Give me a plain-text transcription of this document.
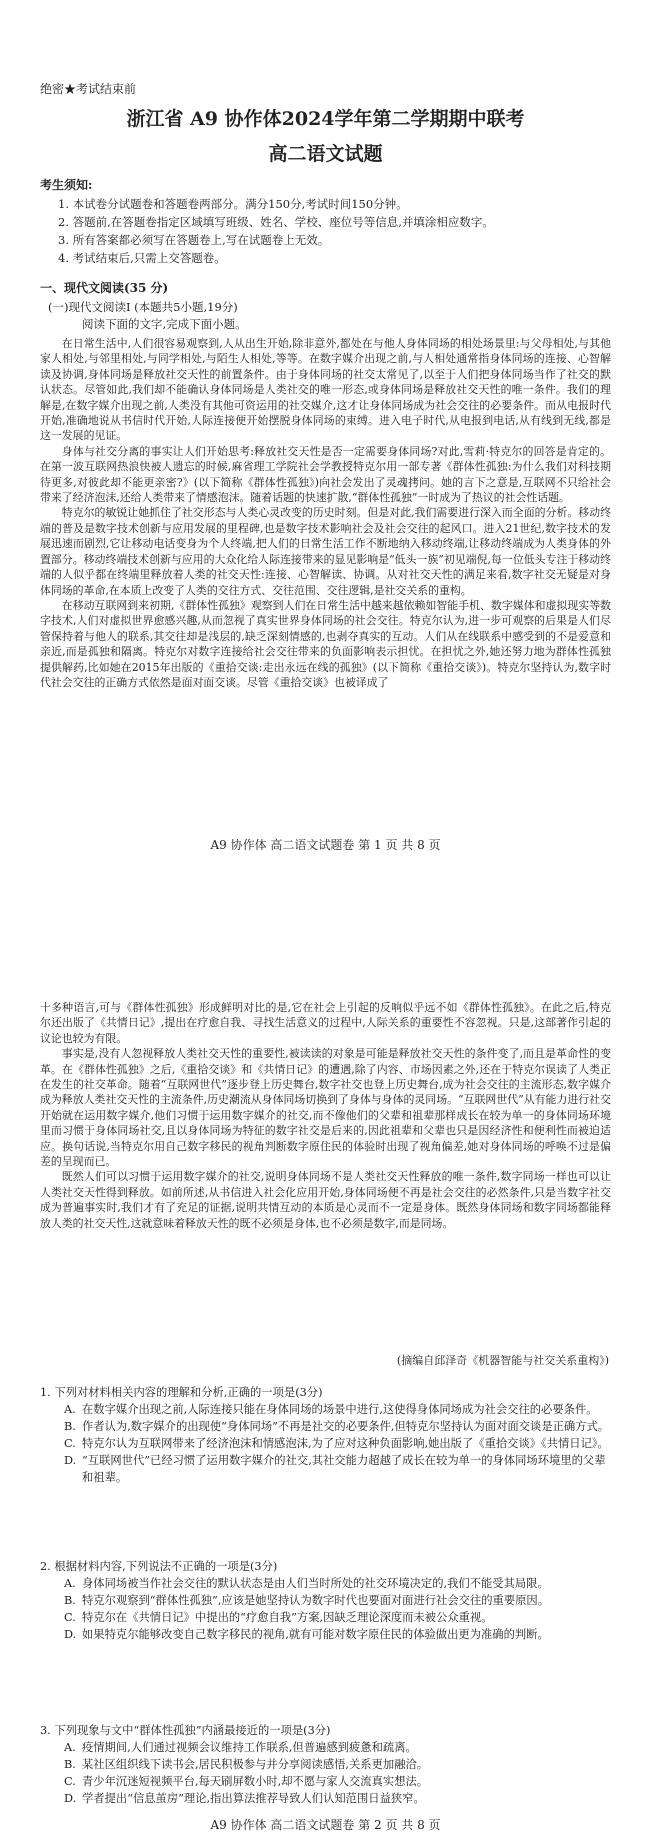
绝密★考试结束前
浙江省 A9 协作体2024学年第二学期期中联考
高二语文试题
考生须知:
1. 本试卷分试题卷和答题卷两部分。满分150分,考试时间150分钟。
2. 答题前,在答题卷指定区域填写班级、姓名、学校、座位号等信息,并填涂相应数字。
3. 所有答案都必须写在答题卷上,写在试题卷上无效。
4. 考试结束后,只需上交答题卷。
一、现代文阅读(35 分)
(一)现代文阅读Ⅰ (本题共5小题,19分)
阅读下面的文字,完成下面小题。

在日常生活中,人们很容易观察到,人从出生开始,除非意外,都处在与他人身体同场的相处场景里:与父母相处,与其他家人相处,与邻里相处,与同学相处,与陌生人相处,等等。在数字媒介出现之前,与人相处通常指身体同场的连接、心智解读及协调,身体同场是释放社交天性的前置条件。由于身体同场的社交太常见了,以至于人们把身体同场当作了社交的默认状态。尽管如此,我们却不能确认身体同场是人类社交的唯一形态,或身体同场是释放社交天性的唯一条件。我们的理解是,在数字媒介出现之前,人类没有其他可资运用的社交媒介,这才让身体同场成为社会交往的必要条件。而从电报时代开始,准确地说从书信时代开始,人际连接便开始摆脱身体同场的束缚。进入电子时代,从电报到电话,从有线到无线,都是这一发展的见证。

身体与社交分离的事实让人们开始思考:释放社交天性是否一定需要身体同场?对此,雪莉·特克尔的回答是肯定的。在第一波互联网热浪快被人遗忘的时候,麻省理工学院社会学教授特克尔用一部专著《群体性孤独:为什么我们对科技期待更多,对彼此却不能更亲密?》(以下简称《群体性孤独》)向社会发出了灵魂拷问。她的言下之意是,互联网不只给社会带来了经济泡沫,还给人类带来了情感泡沫。随着话题的快速扩散,“群体性孤独”一时成为了热议的社会性话题。

特克尔的敏锐让她抓住了社交形态与人类心灵改变的历史时刻。但是对此,我们需要进行深入而全面的分析。移动终端的普及是数字技术创新与应用发展的里程碑,也是数字技术影响社会及社会交往的起风口。进入21世纪,数字技术的发展迅速而剧烈,它让移动电话变身为个人终端,把人们的日常生活工作不断地纳入移动终端,让移动终端成为人类身体的外置部分。移动终端技术创新与应用的大众化给人际连接带来的显见影响是“低头一族”初见端倪,每一位低头专注于移动终端的人似乎都在终端里释放着人类的社交天性:连接、心智解读、协调。从对社交天性的满足来看,数字社交无疑是对身体同场的革命,在本质上改变了人类的交往方式、交往范围、交往逻辑,是社交关系的重构。

在移动互联网到来初期,《群体性孤独》观察到人们在日常生活中越来越依赖如智能手机、数字媒体和虚拟现实等数字技术,人们对虚拟世界愈感兴趣,从而忽视了真实世界身体同场的社会交往。特克尔认为,进一步可观察的后果是人们尽管保持着与他人的联系,其交往却是浅层的,缺乏深刻情感的,也剥夺真实的互动。人们从在线联系中感受到的不是爱意和亲近,而是孤独和隔离。特克尔对数字连接给社会交往带来的负面影响表示担忧。在担忧之外,她还努力地为群体性孤独提供解药,比如她在2015年出版的《重拾交谈:走出永远在线的孤独》(以下简称《重拾交谈》)。特克尔坚持认为,数字时代社会交往的正确方式依然是面对面交谈。尽管《重拾交谈》也被译成了

A9 协作体 高二语文试题卷 第 1 页 共 8 页

十多种语言,可与《群体性孤独》形成鲜明对比的是,它在社会上引起的反响似乎远不如《群体性孤独》。在此之后,特克尔还出版了《共情日记》,提出在疗愈自我、寻找生活意义的过程中,人际关系的重要性不容忽视。只是,这部著作引起的议论也较为有限。

事实是,没有人忽视释放人类社交天性的重要性,被读读的对象是可能是释放社交天性的条件变了,而且是革命性的变革。在《群体性孤独》之后,《重拾交谈》和《共情日记》的遭遇,除了内容、市场因素之外,还在于特克尔误读了人类正在发生的社交革命。随着“互联网世代”逐步登上历史舞台,数字社交也登上历史舞台,成为社会交往的主流形态,数字媒介成为释放人类社交天性的主流条件,历史潮流从身体同场切换到了身体与身体的灵同场。“互联网世代”从有能力进行社交开始就在运用数字媒介,他们习惯于运用数字媒介的社交,而不像他们的父辈和祖辈那样成长在较为单一的身体同场环境里而习惯于身体同场社交,且以身体同场为特征的数字社交是后来的,因此祖辈和父辈也只是因经济性和便利性而被迫适应。换句话说,当特克尔用自己数字移民的视角判断数字原住民的体验时出现了视角偏差,她对身体同场的呼唤不过是偏差的呈现而已。

既然人们可以习惯于运用数字媒介的社交,说明身体同场不是人类社交天性释放的唯一条件,数字同场一样也可以让人类社交天性得到释放。如前所述,从书信进入社会化应用开始,身体同场便不再是社会交往的必然条件,只是当数字社交成为普遍事实时,我们才有了充足的证据,说明共情互动的本质是心灵而不一定是身体。既然身体同场和数字同场都能释放人类的社交天性,这就意味着释放天性的既不必须是身体,也不必须是数字,而是同场。

(摘编自邱泽奇《机器智能与社交关系重构》)

1. 下列对材料相关内容的理解和分析,正确的一项是(3分)

A. 在数字媒介出现之前,人际连接只能在身体同场的场景中进行,这使得身体同场成为社会交往的必要条件。

B. 作者认为,数字媒介的出现使“身体同场”不再是社交的必要条件,但特克尔坚持认为面对面交谈是正确方式。

C. 特克尔认为互联网带来了经济泡沫和情感泡沫,为了应对这种负面影响,她出版了《重拾交谈》《共情日记》。

D. “互联网世代”已经习惯了运用数字媒介的社交,其社交能力超越了成长在较为单一的身体同场环境里的父辈和祖辈。

2. 根据材料内容,下列说法不正确的一项是(3分)

A. 身体同场被当作社会交往的默认状态是由人们当时所处的社交环境决定的,我们不能受其局限。

B. 特克尔观察到“群体性孤独”,应该是她坚持认为数字时代也要面对面进行社会交往的重要原因。

C. 特克尔在《共情日记》中提出的“疗愈自我”方案,因缺乏理论深度而未被公众重视。

D. 如果特克尔能够改变自己数字移民的视角,就有可能对数字原住民的体验做出更为准确的判断。

3. 下列现象与文中“群体性孤独”内涵最接近的一项是(3分)

A. 疫情期间,人们通过视频会议维持工作联系,但普遍感到疲惫和疏离。

B. 某社区组织线下读书会,居民积极参与并分享阅读感悟,关系更加融洽。

C. 青少年沉迷短视频平台,每天刷屏数小时,却不愿与家人交流真实想法。

D. 学者提出“信息茧房”理论,指出算法推荐导致人们认知范围日益狭窄。

A9 协作体 高二语文试题卷 第 2 页 共 8 页
